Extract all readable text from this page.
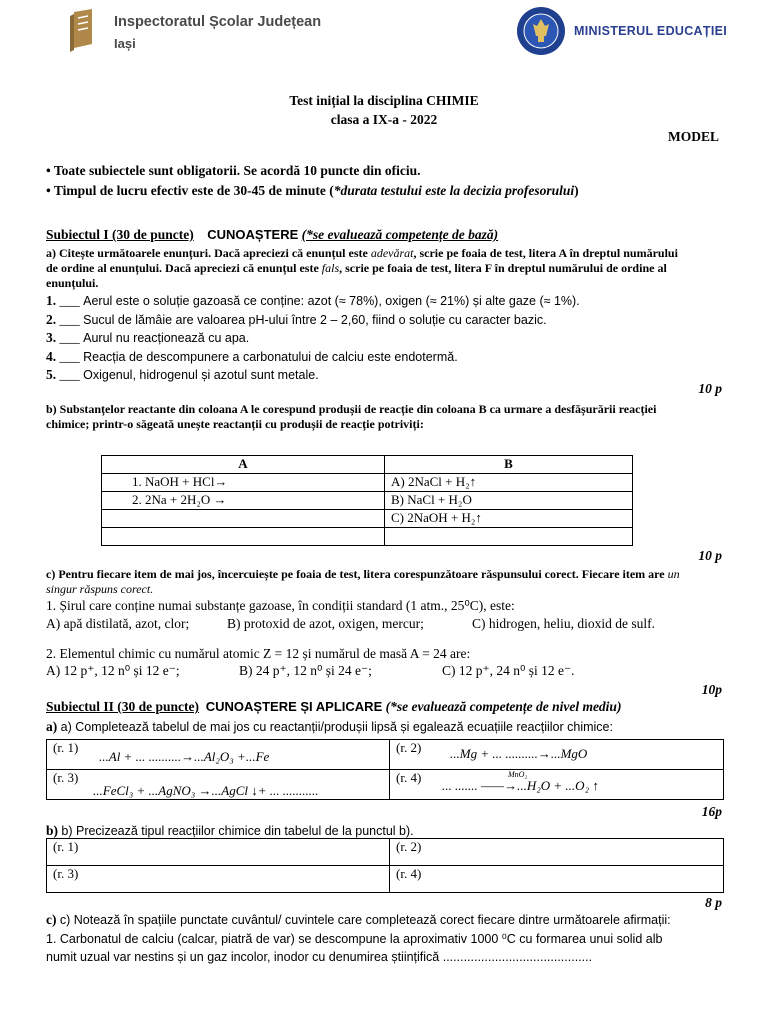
Inspectoratul Școlar Județean
Iași
MINISTERUL EDUCAȚIEI
Test inițial la disciplina CHIMIE
clasa a IX-a - 2022
MODEL
• Toate subiectele sunt obligatorii. Se acordă 10 puncte din oficiu.
• Timpul de lucru efectiv este de 30-45 de minute (*durata testului este la decizia profesorului)
Subiectul I (30 de puncte) CUNOAȘTERE (*se evaluează competențe de bază)
a) Citește următoarele enunțuri. Dacă apreciezi că enunțul este adevărat, scrie pe foaia de test, litera A în dreptul numărului
de ordine al enunțului. Dacă apreciezi că enunțul este fals, scrie pe foaia de test, litera F în dreptul numărului de ordine al
enunțului.
1. ___ Aerul este o soluție gazoasă ce conține: azot (≈ 78%), oxigen (≈ 21%) și alte gaze (≈ 1%).
2. ___ Sucul de lămâie are valoarea pH-ului între 2 – 2,60, fiind o soluție cu caracter bazic.
3. ___ Aurul nu reacționează cu apa.
4. ___ Reacția de descompunere a carbonatului de calciu este endotermă.
5. ___ Oxigenul, hidrogenul și azotul sunt metale.
10 p
b) Substanțelor reactante din coloana A le corespund produșii de reacție din coloana B ca urmare a desfășurării reacției
chimice; printr-o săgeată unește reactanții cu produșii de reacție potriviți:
A	B
1. NaOH + HCl→	A) 2NaCl + H₂↑
2. 2Na + 2H₂O →	B) NaCl + H₂O
	C) 2NaOH + H₂↑

10 p
c) Pentru fiecare item de mai jos, încercuiește pe foaia de test, litera corespunzătoare răspunsului corect. Fiecare item are un
singur răspuns corect.
1. Șirul care conține numai substanțe gazoase, în condiții standard (1 atm., 25⁰C), este:
A) apă distilată, azot, clor;	B) protoxid de azot, oxigen, mercur;	C) hidrogen, heliu, dioxid de sulf.
2. Elementul chimic cu numărul atomic Z = 12 și numărul de masă A = 24 are:
A) 12 p⁺, 12 n⁰ și 12 e⁻;	B) 24 p⁺, 12 n⁰ și 24 e⁻;	C) 12 p⁺, 24 n⁰ și 12 e⁻.
10p
Subiectul II (30 de puncte) CUNOAȘTERE ȘI APLICARE (*se evaluează competențe de nivel mediu)
a) a) Completează tabelul de mai jos cu reactanții/produșii lipsă și egalează ecuațiile reacțiilor chimice:
(r. 1)
...Al + ... ..........→...Al₂O₃ +...Fe	(r. 2) ...Mg + ... ..........→...MgO

(r. 3)
...FeCl₃ + ...AgNO₃ →...AgCl ↓+ ... ...........	(r. 4) MnO₂
... ....... ——→...H₂O + ...O₂ ↑
16p
b) b) Precizează tipul reacțiilor chimice din tabelul de la punctul b).
(r. 1)	(r. 2)
(r. 3)	(r. 4)
8 p
c) c) Notează în spațiile punctate cuvântul/ cuvintele care completează corect fiecare dintre următoarele afirmații:
1. Carbonatul de calciu (calcar, piatră de var) se descompune la aproximativ 1000 ⁰C cu formarea unui solid alb
numit uzual var nestins și un gaz incolor, inodor cu denumirea științifică ...........................................
